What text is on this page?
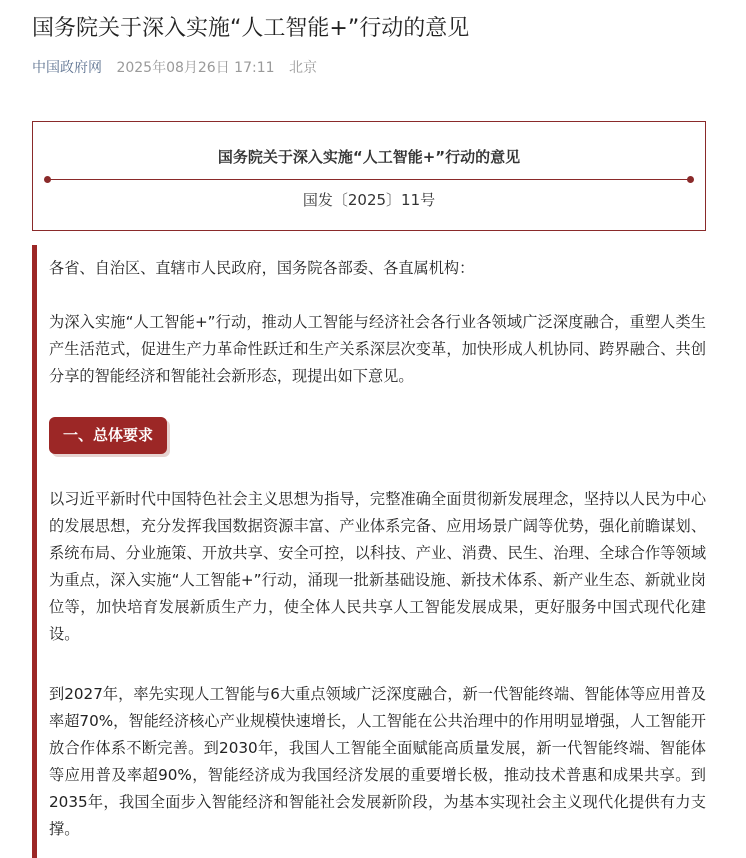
国务院关于深入实施“人工智能+”行动的意见
中国政府网 2025年08月26日 17:11 北京
国务院关于深入实施“人工智能+”行动的意见
国发〔2025〕11号

各省、自治区、直辖市人民政府，国务院各部委、各直属机构：

为深入实施“人工智能+”行动，推动人工智能与经济社会各行业各领域广泛深度融合，重塑人类生产生活范式，促进生产力革命性跃迁和生产关系深层次变革，加快形成人机协同、跨界融合、共创分享的智能经济和智能社会新形态，现提出如下意见。

一、总体要求

以习近平新时代中国特色社会主义思想为指导，完整准确全面贯彻新发展理念，坚持以人民为中心的发展思想，充分发挥我国数据资源丰富、产业体系完备、应用场景广阔等优势，强化前瞻谋划、系统布局、分业施策、开放共享、安全可控，以科技、产业、消费、民生、治理、全球合作等领域为重点，深入实施“人工智能+”行动，涌现一批新基础设施、新技术体系、新产业生态、新就业岗位等，加快培育发展新质生产力，使全体人民共享人工智能发展成果，更好服务中国式现代化建设。

到2027年，率先实现人工智能与6大重点领域广泛深度融合，新一代智能终端、智能体等应用普及率超70%，智能经济核心产业规模快速增长，人工智能在公共治理中的作用明显增强，人工智能开放合作体系不断完善。到2030年，我国人工智能全面赋能高质量发展，新一代智能终端、智能体等应用普及率超90%，智能经济成为我国经济发展的重要增长极，推动技术普惠和成果共享。到2035年，我国全面步入智能经济和智能社会发展新阶段，为基本实现社会主义现代化提供有力支撑。
